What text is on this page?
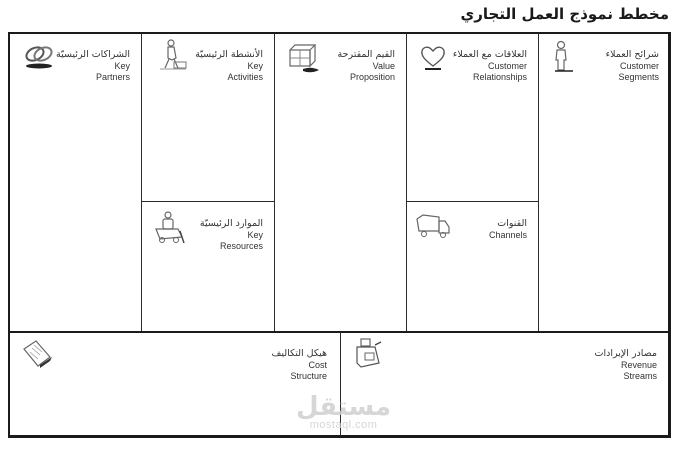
مخطط نموذج العمل التجاري
الشراكات الرئيسيّة
Key
Partners
الأنشطة الرئيسيّة
Key
Activities
الموارد الرئيسيّة
Key
Resources
القيم المقترحة
Value
Proposition
العلاقات مع العملاء
Customer
Relationships
القنوات
Channels
شرائح العملاء
Customer
Segments
هيكل التكاليف
Cost
Structure
مصادر الإيرادات
Revenue
Streams
مستقل
mostaql.com
